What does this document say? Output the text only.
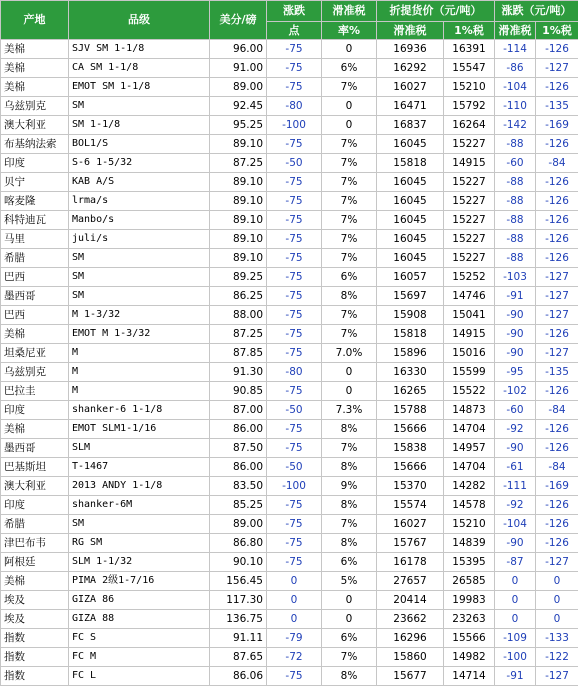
产地	品级	美分/磅	涨跌	滑准税	折提货价（元/吨）		涨跌（元/吨）	
			点	率%	滑准税	1%税	滑准税	1%税
美棉	SJV SM 1-1/8	96.00	-75	0	16936	16391	-114	-126
美棉	CA SM 1-1/8	91.00	-75	6%	16292	15547	-86	-127
美棉	EMOT SM 1-1/8	89.00	-75	7%	16027	15210	-104	-126
乌兹别克	SM	92.45	-80	0	16471	15792	-110	-135
澳大利亚	SM 1-1/8	95.25	-100	0	16837	16264	-142	-169
布基纳法索	BOL1/S	89.10	-75	7%	16045	15227	-88	-126
印度	S-6 1-5/32	87.25	-50	7%	15818	14915	-60	-84
贝宁	KAB A/S	89.10	-75	7%	16045	15227	-88	-126
喀麦隆	lrma/s	89.10	-75	7%	16045	15227	-88	-126
科特迪瓦	Manbo/s	89.10	-75	7%	16045	15227	-88	-126
马里	juli/s	89.10	-75	7%	16045	15227	-88	-126
希腊	SM	89.10	-75	7%	16045	15227	-88	-126
巴西	SM	89.25	-75	6%	16057	15252	-103	-127
墨西哥	SM	86.25	-75	8%	15697	14746	-91	-127
巴西	M 1-3/32	88.00	-75	7%	15908	15041	-90	-127
美棉	EMOT M 1-3/32	87.25	-75	7%	15818	14915	-90	-126
坦桑尼亚	M	87.85	-75	7.0%	15896	15016	-90	-127
乌兹别克	M	91.30	-80	0	16330	15599	-95	-135
巴拉圭	M	90.85	-75	0	16265	15522	-102	-126
印度	shanker-6 1-1/8	87.00	-50	7.3%	15788	14873	-60	-84
美棉	EMOT SLM1-1/16	86.00	-75	8%	15666	14704	-92	-126
墨西哥	SLM	87.50	-75	7%	15838	14957	-90	-126
巴基斯坦	T-1467	86.00	-50	8%	15666	14704	-61	-84
澳大利亚	2013 ANDY 1-1/8	83.50	-100	9%	15370	14282	-111	-169
印度	shanker-6M	85.25	-75	8%	15574	14578	-92	-126
希腊	SM	89.00	-75	7%	16027	15210	-104	-126
津巴布韦	RG SM	86.80	-75	8%	15767	14839	-90	-126
阿根廷	SLM 1-1/32	90.10	-75	6%	16178	15395	-87	-127
美棉	PIMA 2级1-7/16	156.45	0	5%	27657	26585	0	0
埃及	GIZA 86	117.30	0	0	20414	19983	0	0
埃及	GIZA 88	136.75	0	0	23662	23263	0	0
指数	FC S	91.11	-79	6%	16296	15566	-109	-133
指数	FC M	87.65	-72	7%	15860	14982	-100	-122
指数	FC L	86.06	-75	8%	15677	14714	-91	-127
